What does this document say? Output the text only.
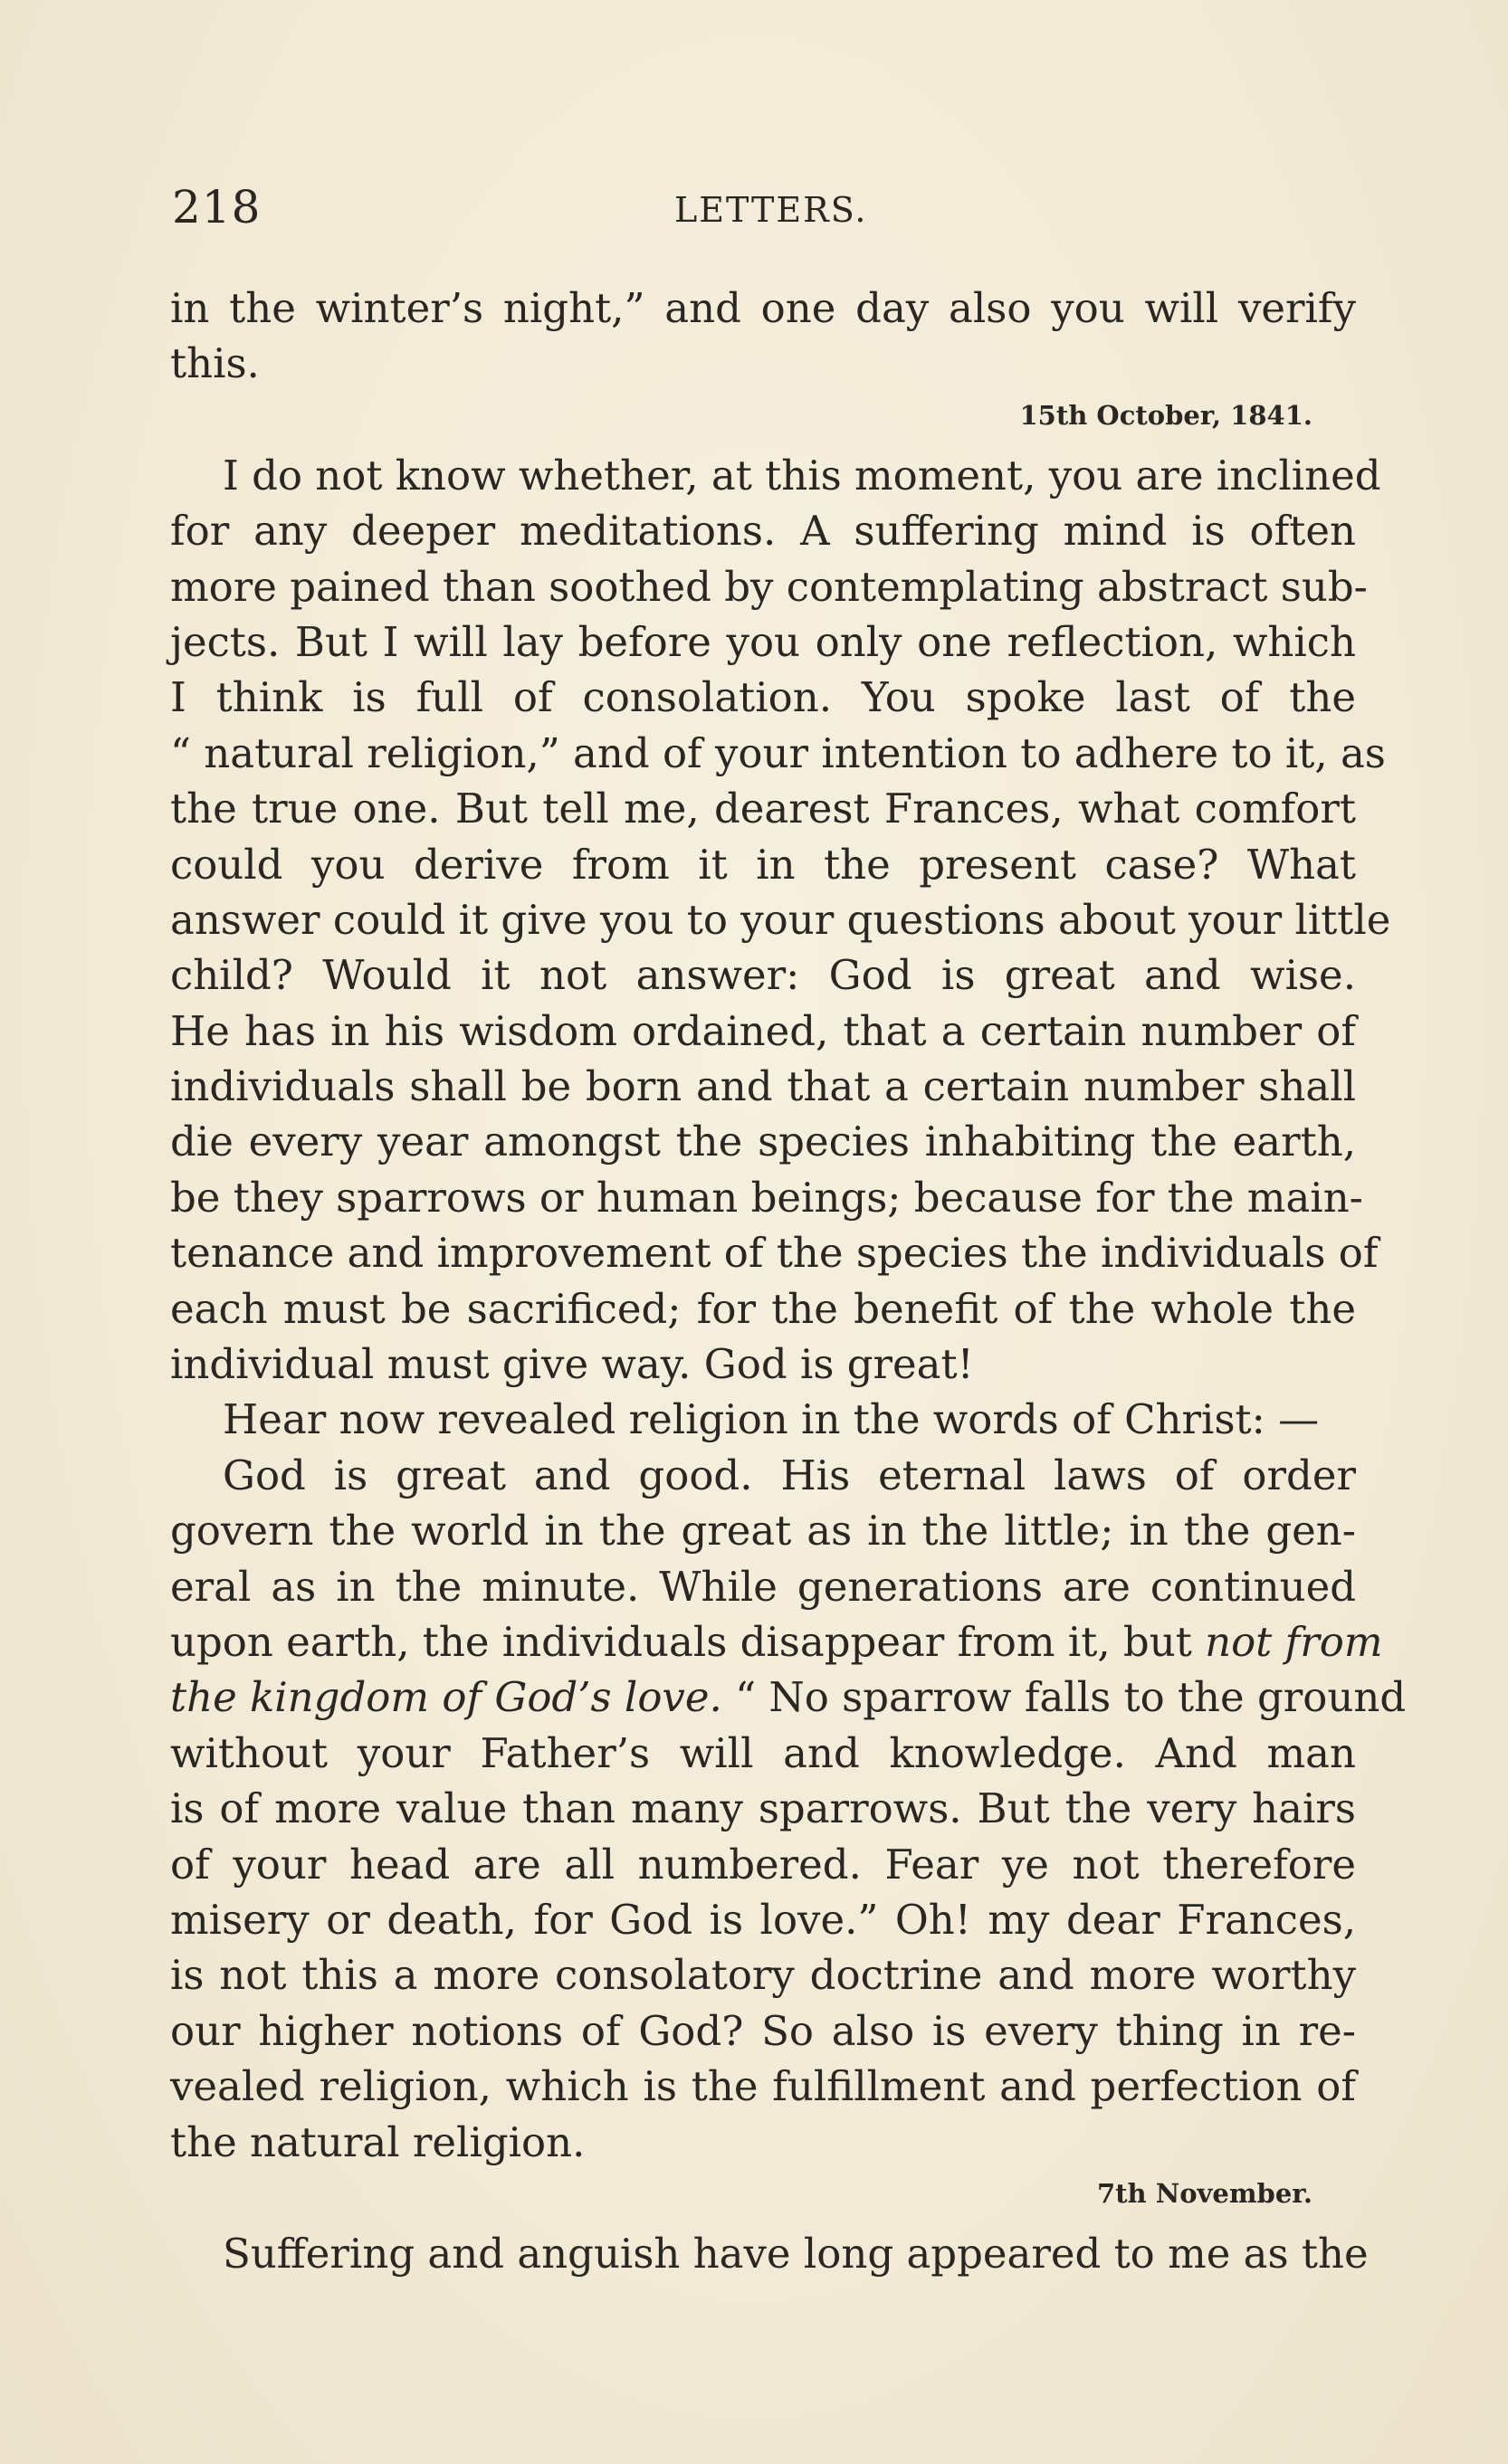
218	LETTERS.
in the winter’s night,” and one day also you will verify
this.
15th October, 1841.
I do not know whether, at this moment, you are inclined
for any deeper meditations. A suffering mind is often
more pained than soothed by contemplating abstract sub-
jects. But I will lay before you only one reflection, which
I think is full of consolation. You spoke last of the
“ natural religion,” and of your intention to adhere to it, as
the true one. But tell me, dearest Frances, what comfort
could you derive from it in the present case? What
answer could it give you to your questions about your little
child? Would it not answer: God is great and wise.
He has in his wisdom ordained, that a certain number of
individuals shall be born and that a certain number shall
die every year amongst the species inhabiting the earth,
be they sparrows or human beings; because for the main-
tenance and improvement of the species the individuals of
each must be sacrificed; for the benefit of the whole the
individual must give way. God is great!
Hear now revealed religion in the words of Christ: —
God is great and good. His eternal laws of order
govern the world in the great as in the little; in the gen-
eral as in the minute. While generations are continued
upon earth, the individuals disappear from it, but not from
the kingdom of God’s love. “ No sparrow falls to the ground
without your Father’s will and knowledge. And man
is of more value than many sparrows. But the very hairs
of your head are all numbered. Fear ye not therefore
misery or death, for God is love.” Oh! my dear Frances,
is not this a more consolatory doctrine and more worthy
our higher notions of God? So also is every thing in re-
vealed religion, which is the fulfillment and perfection of
the natural religion.
7th November.
Suffering and anguish have long appeared to me as the
